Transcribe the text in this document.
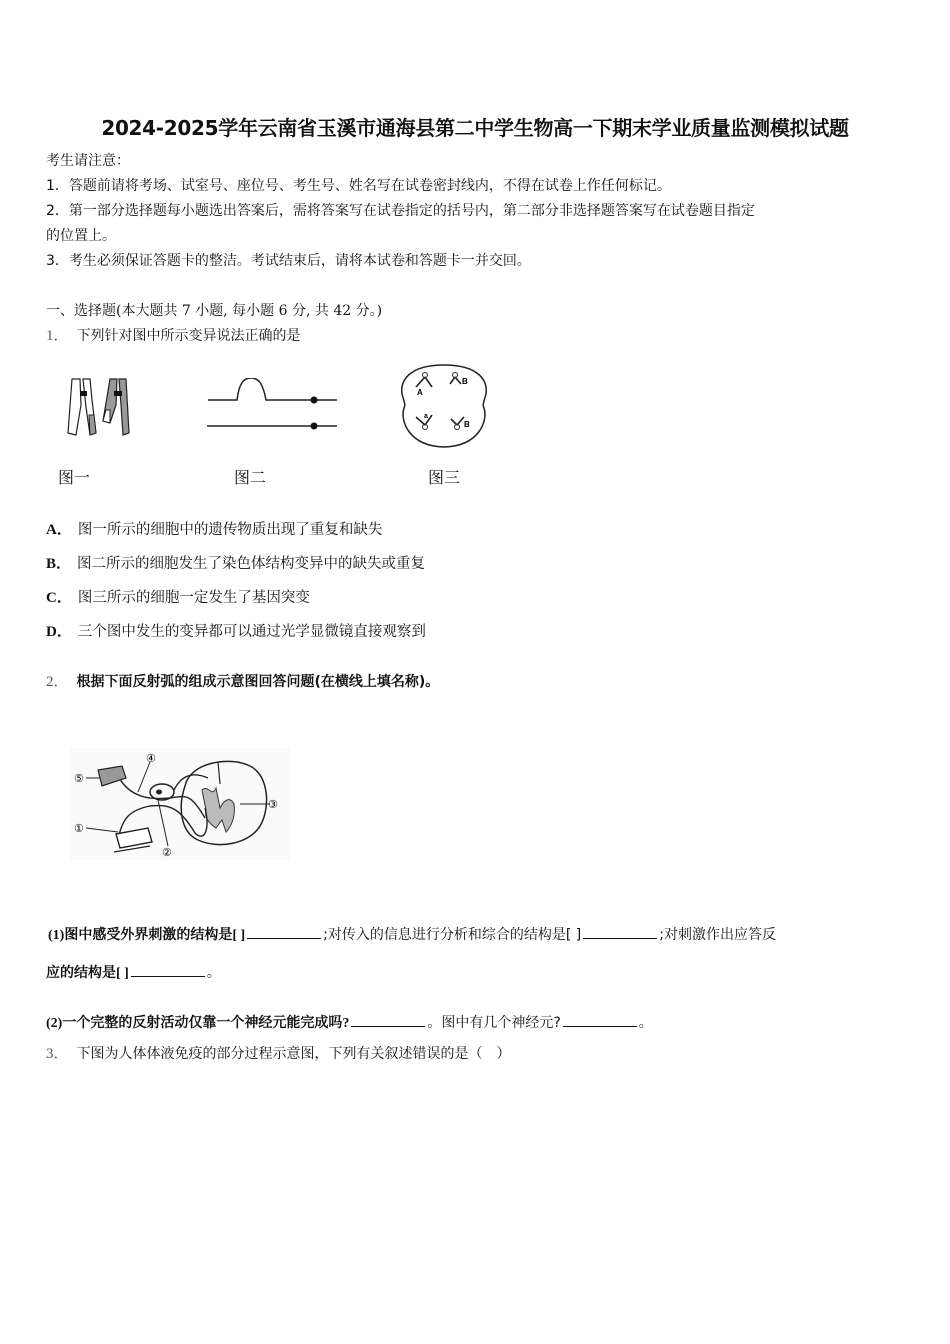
2024-2025学年云南省玉溪市通海县第二中学生物高一下期末学业质量监测模拟试题
考生请注意：
1．答题前请将考场、试室号、座位号、考生号、姓名写在试卷密封线内，不得在试卷上作任何标记。
2．第一部分选择题每小题选出答案后，需将答案写在试卷指定的括号内，第二部分非选择题答案写在试卷题目指定
的位置上。
3．考生必须保证答题卡的整洁。考试结束后，请将本试卷和答题卡一并交回。
一、选择题(本大题共 7 小题, 每小题 6 分, 共 42 分。)
1． 下列针对图中所示变异说法正确的是
图一	图二
A
B
a
B
图三
A． 图一所示的细胞中的遗传物质出现了重复和缺失
B． 图二所示的细胞发生了染色体结构变异中的缺失或重复
C． 图三所示的细胞一定发生了基因突变
D． 三个图中发生的变异都可以通过光学显微镜直接观察到
2． 根据下面反射弧的组成示意图回答问题(在横线上填名称)。
⑤
①
④
②
③
(1)图中感受外界刺激的结构是[ ]	;对传入的信息进行分析和综合的结构是[ ]	;对刺激作出应答反
应的结构是[ ]	。
(2)一个完整的反射活动仅靠一个神经元能完成吗?	。图中有几个神经元?	。
3． 下图为人体体液免疫的部分过程示意图，下列有关叙述错误的是（　）
